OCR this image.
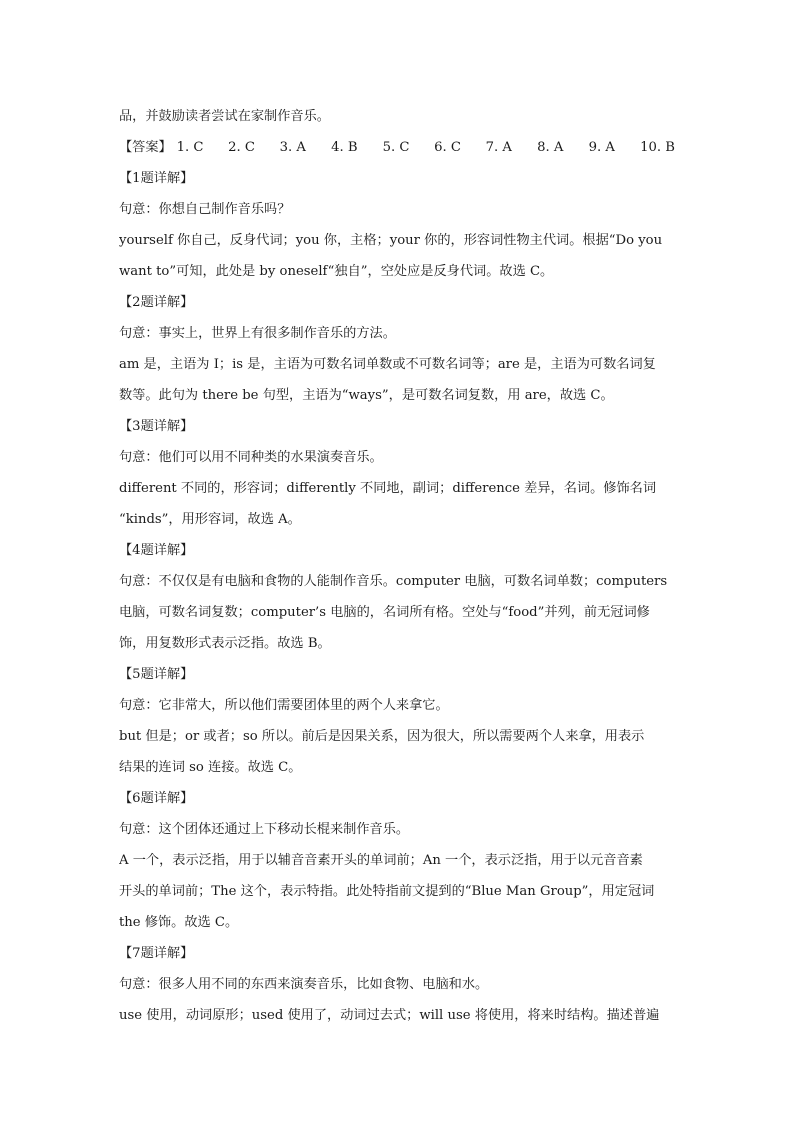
品，并鼓励读者尝试在家制作音乐。
【答案】 1. C	2. C	3. A	4. B	5. C	6. C	7. A	8. A	9. A	10. B
【1题详解】
句意：你想自己制作音乐吗？
yourself 你自己，反身代词；you 你，主格；your 你的，形容词性物主代词。根据“Do you
want to”可知，此处是 by oneself“独自”，空处应是反身代词。故选 C。
【2题详解】
句意：事实上，世界上有很多制作音乐的方法。
am 是，主语为 I；is 是，主语为可数名词单数或不可数名词等；are 是，主语为可数名词复
数等。此句为 there be 句型，主语为“ways”，是可数名词复数，用 are，故选 C。
【3题详解】
句意：他们可以用不同种类的水果演奏音乐。
different 不同的，形容词；differently 不同地，副词；difference 差异，名词。修饰名词
“kinds”，用形容词，故选 A。
【4题详解】
句意：不仅仅是有电脑和食物的人能制作音乐。computer 电脑，可数名词单数；computers
电脑，可数名词复数；computer’s 电脑的，名词所有格。空处与“food”并列，前无冠词修
饰，用复数形式表示泛指。故选 B。
【5题详解】
句意：它非常大，所以他们需要团体里的两个人来拿它。
but 但是；or 或者；so 所以。前后是因果关系，因为很大，所以需要两个人来拿，用表示
结果的连词 so 连接。故选 C。
【6题详解】
句意：这个团体还通过上下移动长棍来制作音乐。
A 一个，表示泛指，用于以辅音音素开头的单词前；An 一个，表示泛指，用于以元音音素
开头的单词前；The 这个，表示特指。此处特指前文提到的“Blue Man Group”，用定冠词
the 修饰。故选 C。
【7题详解】
句意：很多人用不同的东西来演奏音乐，比如食物、电脑和水。
use 使用，动词原形；used 使用了，动词过去式；will use 将使用，将来时结构。描述普遍
